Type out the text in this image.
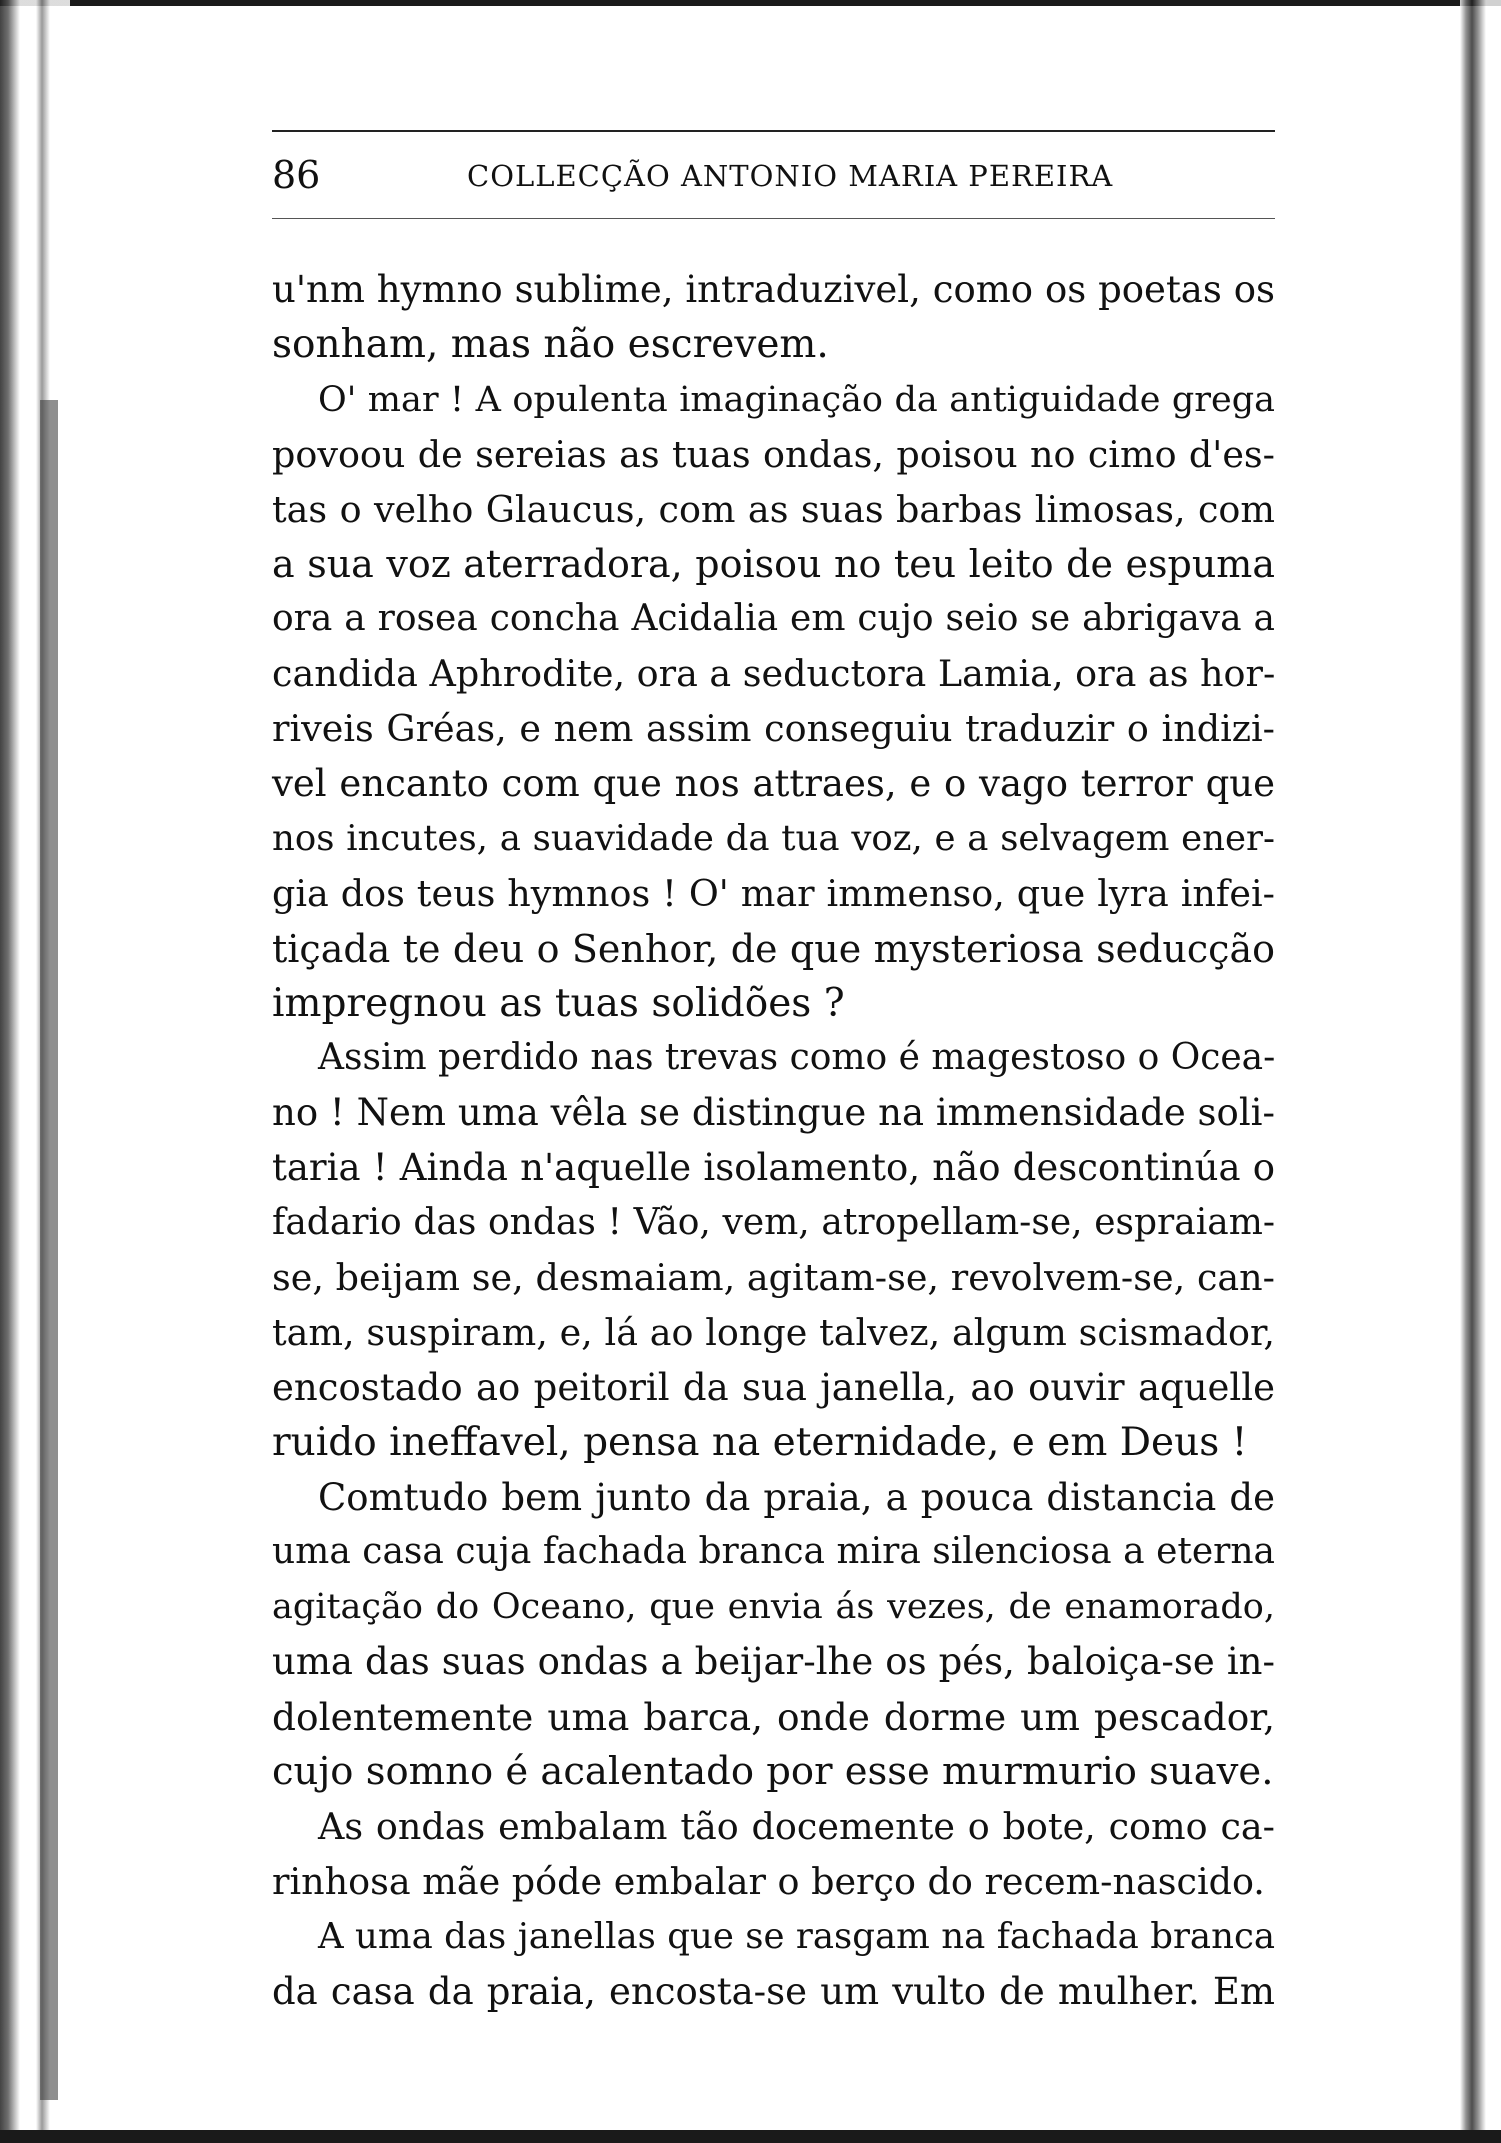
86	COLLECÇÃO ANTONIO MARIA PEREIRA
u'nm hymno sublime, intraduzivel, como os poetas os
sonham, mas não escrevem.
O' mar ! A opulenta imaginação da antiguidade grega
povoou de sereias as tuas ondas, poisou no cimo d'es-
tas o velho Glaucus, com as suas barbas limosas, com
a sua voz aterradora, poisou no teu leito de espuma
ora a rosea concha Acidalia em cujo seio se abrigava a
candida Aphrodite, ora a seductora Lamia, ora as hor-
riveis Gréas, e nem assim conseguiu traduzir o indizi-
vel encanto com que nos attraes, e o vago terror que
nos incutes, a suavidade da tua voz, e a selvagem ener-
gia dos teus hymnos ! O' mar immenso, que lyra infei-
tiçada te deu o Senhor, de que mysteriosa seducção
impregnou as tuas solidões ?
Assim perdido nas trevas como é magestoso o Ocea-
no ! Nem uma vêla se distingue na immensidade soli-
taria ! Ainda n'aquelle isolamento, não descontinúa o
fadario das ondas ! Vão, vem, atropellam-se, espraiam-
se, beijam se, desmaiam, agitam-se, revolvem-se, can-
tam, suspiram, e, lá ao longe talvez, algum scismador,
encostado ao peitoril da sua janella, ao ouvir aquelle
ruido ineffavel, pensa na eternidade, e em Deus !
Comtudo bem junto da praia, a pouca distancia de
uma casa cuja fachada branca mira silenciosa a eterna
agitação do Oceano, que envia ás vezes, de enamorado,
uma das suas ondas a beijar-lhe os pés, baloiça-se in-
dolentemente uma barca, onde dorme um pescador,
cujo somno é acalentado por esse murmurio suave.
As ondas embalam tão docemente o bote, como ca-
rinhosa mãe póde embalar o berço do recem-nascido.
A uma das janellas que se rasgam na fachada branca
da casa da praia, encosta-se um vulto de mulher. Em
